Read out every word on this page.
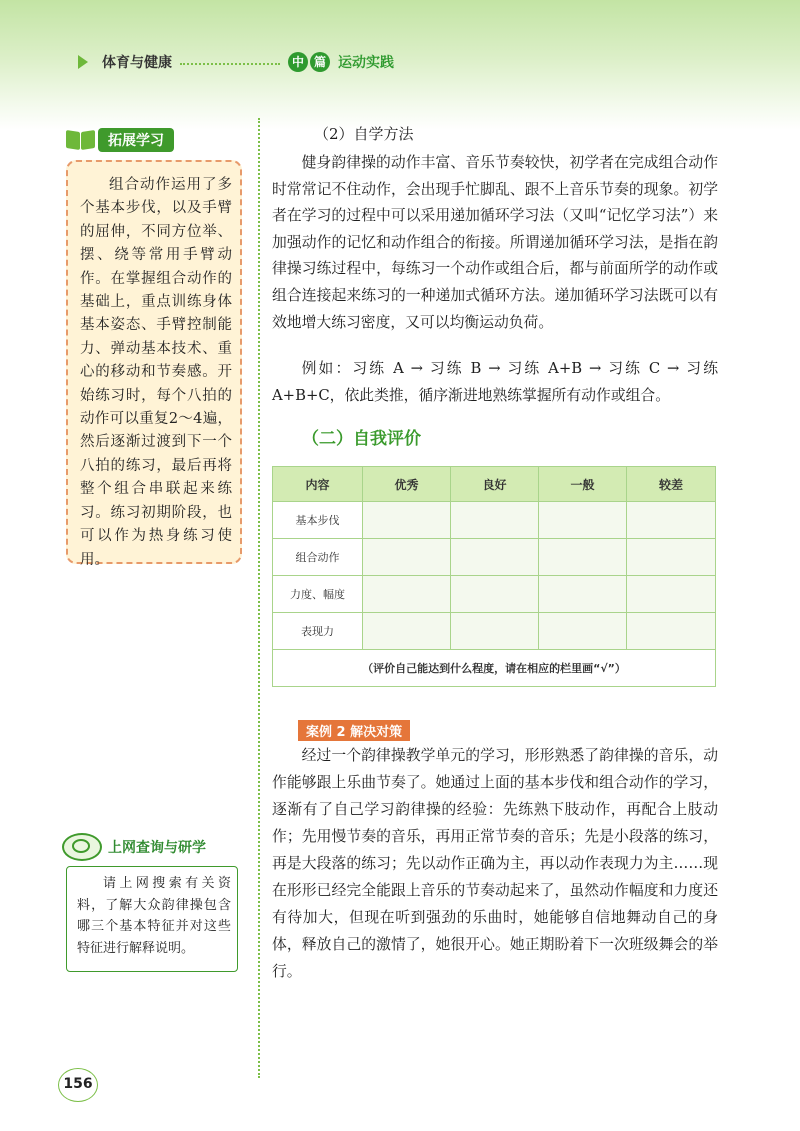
体育与健康	中 篇 运动实践
拓展学习
组合动作运用了多个基本步伐，以及手臂的屈伸，不同方位举、摆、绕等常用手臂动作。在掌握组合动作的基础上，重点训练身体基本姿态、手臂控制能力、弹动基本技术、重心的移动和节奏感。开始练习时，每个八拍的动作可以重复2～4遍，然后逐渐过渡到下一个八拍的练习，最后再将整个组合串联起来练习。练习初期阶段，也可以作为热身练习使用。
上网查询与研学
请上网搜索有关资料，了解大众韵律操包含哪三个基本特征并对这些特征进行解释说明。
（2）自学方法
健身韵律操的动作丰富、音乐节奏较快，初学者在完成组合动作时常常记不住动作，会出现手忙脚乱、跟不上音乐节奏的现象。初学者在学习的过程中可以采用递加循环学习法（又叫“记忆学习法”）来加强动作的记忆和动作组合的衔接。所谓递加循环学习法，是指在韵律操习练过程中，每练习一个动作或组合后，都与前面所学的动作或组合连接起来练习的一种递加式循环方法。递加循环学习法既可以有效地增大练习密度，又可以均衡运动负荷。
例如：习练 A → 习练 B → 习练 A+B → 习练 C → 习练 A+B+C，依此类推，循序渐进地熟练掌握所有动作或组合。
（二）自我评价
内容	优秀	良好	一般	较差
基本步伐				
组合动作				
力度、幅度				
表现力				
（评价自己能达到什么程度，请在相应的栏里画“√”）				
案例 2 解决对策
经过一个韵律操教学单元的学习，形形熟悉了韵律操的音乐，动作能够跟上乐曲节奏了。她通过上面的基本步伐和组合动作的学习，逐渐有了自己学习韵律操的经验：先练熟下肢动作，再配合上肢动作；先用慢节奏的音乐，再用正常节奏的音乐；先是小段落的练习，再是大段落的练习；先以动作正确为主，再以动作表现力为主……现在形形已经完全能跟上音乐的节奏动起来了，虽然动作幅度和力度还有待加大，但现在听到强劲的乐曲时，她能够自信地舞动自己的身体，释放自己的激情了，她很开心。她正期盼着下一次班级舞会的举行。
156
